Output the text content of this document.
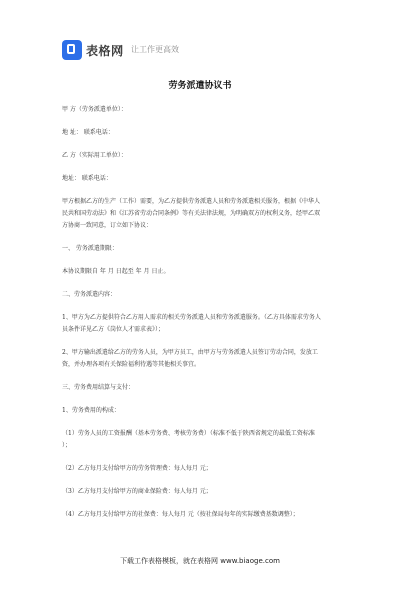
表格网 让工作更高效
劳务派遣协议书
甲 方（劳务派遣单位）：
地 址： 联系电话：
乙 方（实际用工单位）：
地址： 联系电话：
甲方根据乙方的生产（工作）需要，为乙方提供劳务派遣人员和劳务派遣相关服务，根据《中华人
民共和国劳动法》和《江苏省劳动合同条例》等有关法律法规，为明确双方的权利义务，经甲乙双
方协商一致同意，订立如下协议：
一、 劳务派遣期限：
本协议期限自 年 月 日起至 年 月 日止。
二、劳务派遣内容：
1、甲方为乙方提供符合乙方用人需求的相关劳务派遣人员和劳务派遣服务。（乙方具体需求劳务人
员条件详见乙方《岗位人才需求表》）；
2、甲方输出派遣给乙方的劳务人员，为甲方员工，由甲方与劳务派遣人员签订劳动合同，发放工
资，并办理各项有关保险福利待遇等其他相关事宜。
三、劳务费用结算与支付：
1、劳务费用的构成：
（1）劳务人员的工资报酬（基本劳务费、考核劳务费）（标准不低于陕西省规定的最低工资标准
）；
（2）乙方每月支付给甲方的劳务管理费：每人每月 元；
（3）乙方每月支付给甲方的商业保险费：每人每月 元；
（4）乙方每月支付给甲方的社保费：每人每月 元（按社保局每年的实际缴费基数调整）；
下载工作表格模板，就在表格网 www.biaoge.com
